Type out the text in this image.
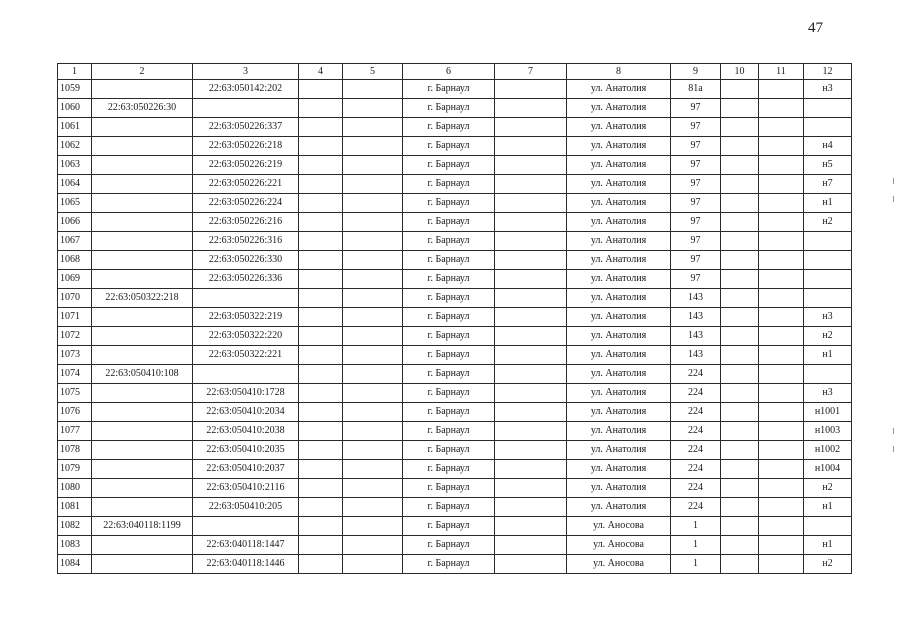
47
1	2	3	4	5	6	7	8	9	10	11	12
1059		22:63:050142:202			г. Барнаул		ул. Анатолия	81а			н3
1060	22:63:050226:30				г. Барнаул		ул. Анатолия	97			
1061		22:63:050226:337			г. Барнаул		ул. Анатолия	97			
1062		22:63:050226:218			г. Барнаул		ул. Анатолия	97			н4
1063		22:63:050226:219			г. Барнаул		ул. Анатолия	97			н5
1064		22:63:050226:221			г. Барнаул		ул. Анатолия	97			н7
1065		22:63:050226:224			г. Барнаул		ул. Анатолия	97			н1
1066		22:63:050226:216			г. Барнаул		ул. Анатолия	97			н2
1067		22:63:050226:316			г. Барнаул		ул. Анатолия	97			
1068		22:63:050226:330			г. Барнаул		ул. Анатолия	97			
1069		22:63:050226:336			г. Барнаул		ул. Анатолия	97			
1070	22:63:050322:218				г. Барнаул		ул. Анатолия	143			
1071		22:63:050322:219			г. Барнаул		ул. Анатолия	143			н3
1072		22:63:050322:220			г. Барнаул		ул. Анатолия	143			н2
1073		22:63:050322:221			г. Барнаул		ул. Анатолия	143			н1
1074	22:63:050410:108				г. Барнаул		ул. Анатолия	224			
1075		22:63:050410:1728			г. Барнаул		ул. Анатолия	224			н3
1076		22:63:050410:2034			г. Барнаул		ул. Анатолия	224			н1001
1077		22:63:050410:2038			г. Барнаул		ул. Анатолия	224			н1003
1078		22:63:050410:2035			г. Барнаул		ул. Анатолия	224			н1002
1079		22:63:050410:2037			г. Барнаул		ул. Анатолия	224			н1004
1080		22:63:050410:2116			г. Барнаул		ул. Анатолия	224			н2
1081		22:63:050410:205			г. Барнаул		ул. Анатолия	224			н1
1082	22:63:040118:1199				г. Барнаул		ул. Аносова	1			
1083		22:63:040118:1447			г. Барнаул		ул. Аносова	1			н1
1084		22:63:040118:1446			г. Барнаул		ул. Аносова	1			н2
